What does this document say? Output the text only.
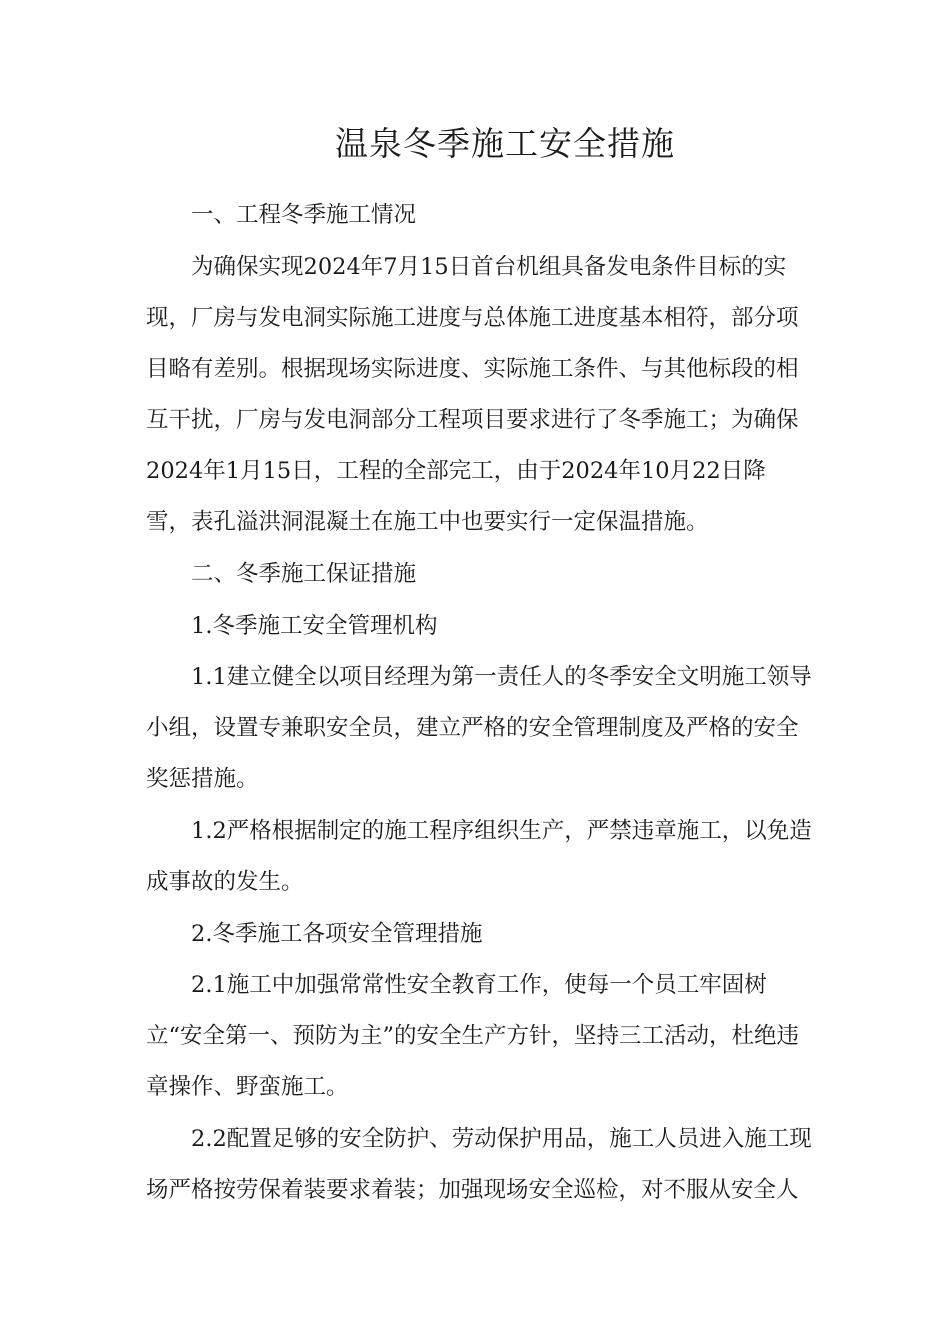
温泉冬季施工安全措施
一、工程冬季施工情况
为确保实现2024年7月15日首台机组具备发电条件目标的实
现，厂房与发电洞实际施工进度与总体施工进度基本相符，部分项
目略有差别。根据现场实际进度、实际施工条件、与其他标段的相
互干扰，厂房与发电洞部分工程项目要求进行了冬季施工；为确保
2024年1月15日，工程的全部完工，由于2024年10月22日降
雪，表孔溢洪洞混凝土在施工中也要实行一定保温措施。
二、冬季施工保证措施
1.冬季施工安全管理机构
1.1建立健全以项目经理为第一责任人的冬季安全文明施工领导
小组，设置专兼职安全员，建立严格的安全管理制度及严格的安全
奖惩措施。
1.2严格根据制定的施工程序组织生产，严禁违章施工，以免造
成事故的发生。
2.冬季施工各项安全管理措施
2.1施工中加强常常性安全教育工作，使每一个员工牢固树
立“安全第一、预防为主”的安全生产方针，坚持三工活动，杜绝违
章操作、野蛮施工。
2.2配置足够的安全防护、劳动保护用品，施工人员进入施工现
场严格按劳保着装要求着装；加强现场安全巡检，对不服从安全人
